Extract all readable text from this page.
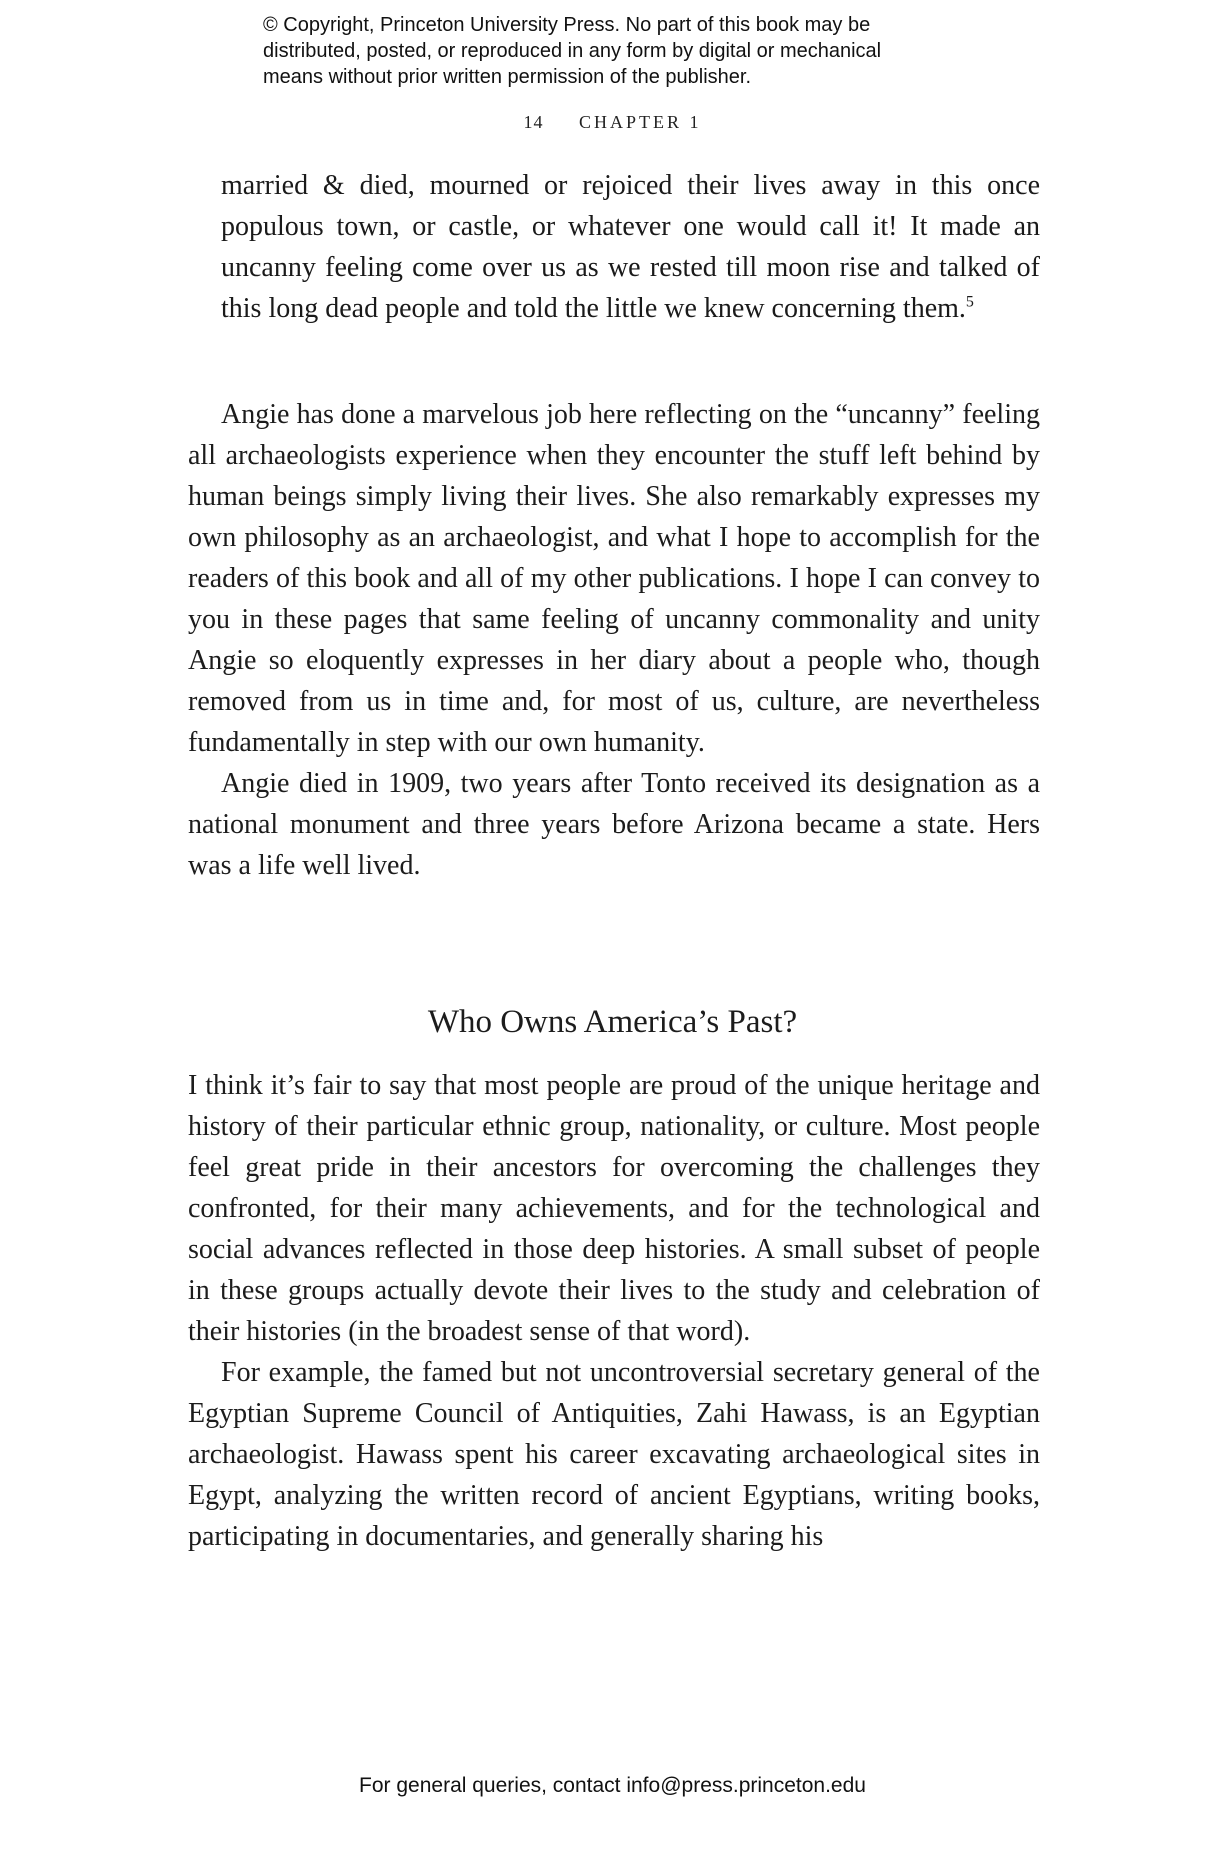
© Copyright, Princeton University Press. No part of this book may be
distributed, posted, or reproduced in any form by digital or mechanical
means without prior written permission of the publisher.
14 CHAPTER 1

married & died, mourned or rejoiced their lives away in this once populous town, or castle, or whatever one would call it! It made an uncanny feeling come over us as we rested till moon rise and talked of this long dead people and told the little we knew concerning them.$^5$

Angie has done a marvelous job here reflecting on the “uncanny” feeling all archaeologists experience when they encounter the stuff left behind by human beings simply living their lives. She also remarkably expresses my own philosophy as an archaeologist, and what I hope to accomplish for the readers of this book and all of my other publications. I hope I can convey to you in these pages that same feeling of uncanny commonality and unity Angie so eloquently expresses in her diary about a people who, though removed from us in time and, for most of us, culture, are nevertheless fundamentally in step with our own humanity.

Angie died in 1909, two years after Tonto received its designation as a national monument and three years before Arizona became a state. Hers was a life well lived.

Who Owns America’s Past?

I think it’s fair to say that most people are proud of the unique heritage and history of their particular ethnic group, nationality, or culture. Most people feel great pride in their ancestors for overcoming the challenges they confronted, for their many achievements, and for the technological and social advances reflected in those deep histories. A small subset of people in these groups actually devote their lives to the study and celebration of their histories (in the broadest sense of that word).

For example, the famed but not uncontroversial secretary general of the Egyptian Supreme Council of Antiquities, Zahi Hawass, is an Egyptian archaeologist. Hawass spent his career excavating archaeological sites in Egypt, analyzing the written record of ancient Egyptians, writing books, participating in documentaries, and generally sharing his

For general queries, contact info@press.princeton.edu
